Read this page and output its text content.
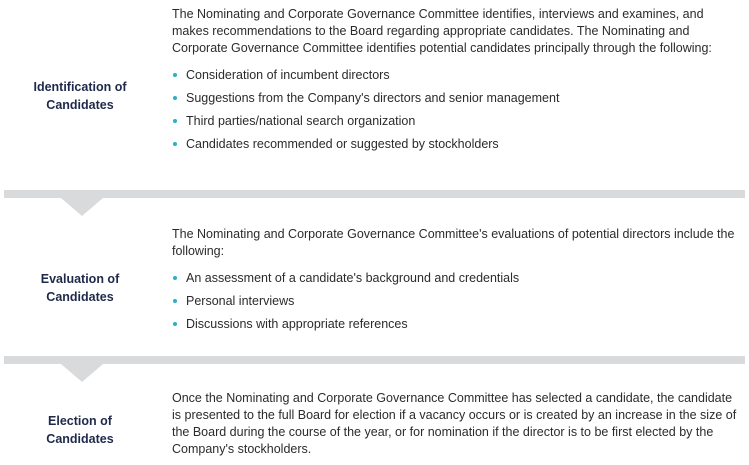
Identification of
Candidates

The Nominating and Corporate Governance Committee identifies, interviews and examines, and makes recommendations to the Board regarding appropriate candidates. The Nominating and Corporate Governance Committee identifies potential candidates principally through the following:

Consideration of incumbent directors
Suggestions from the Company's directors and senior management
Third parties/national search organization
Candidates recommended or suggested by stockholders
Evaluation of
Candidates

The Nominating and Corporate Governance Committee's evaluations of potential directors include the following:

An assessment of a candidate's background and credentials
Personal interviews
Discussions with appropriate references
Election of
Candidates

Once the Nominating and Corporate Governance Committee has selected a candidate, the candidate is presented to the full Board for election if a vacancy occurs or is created by an increase in the size of the Board during the course of the year, or for nomination if the director is to be first elected by the Company's stockholders.
